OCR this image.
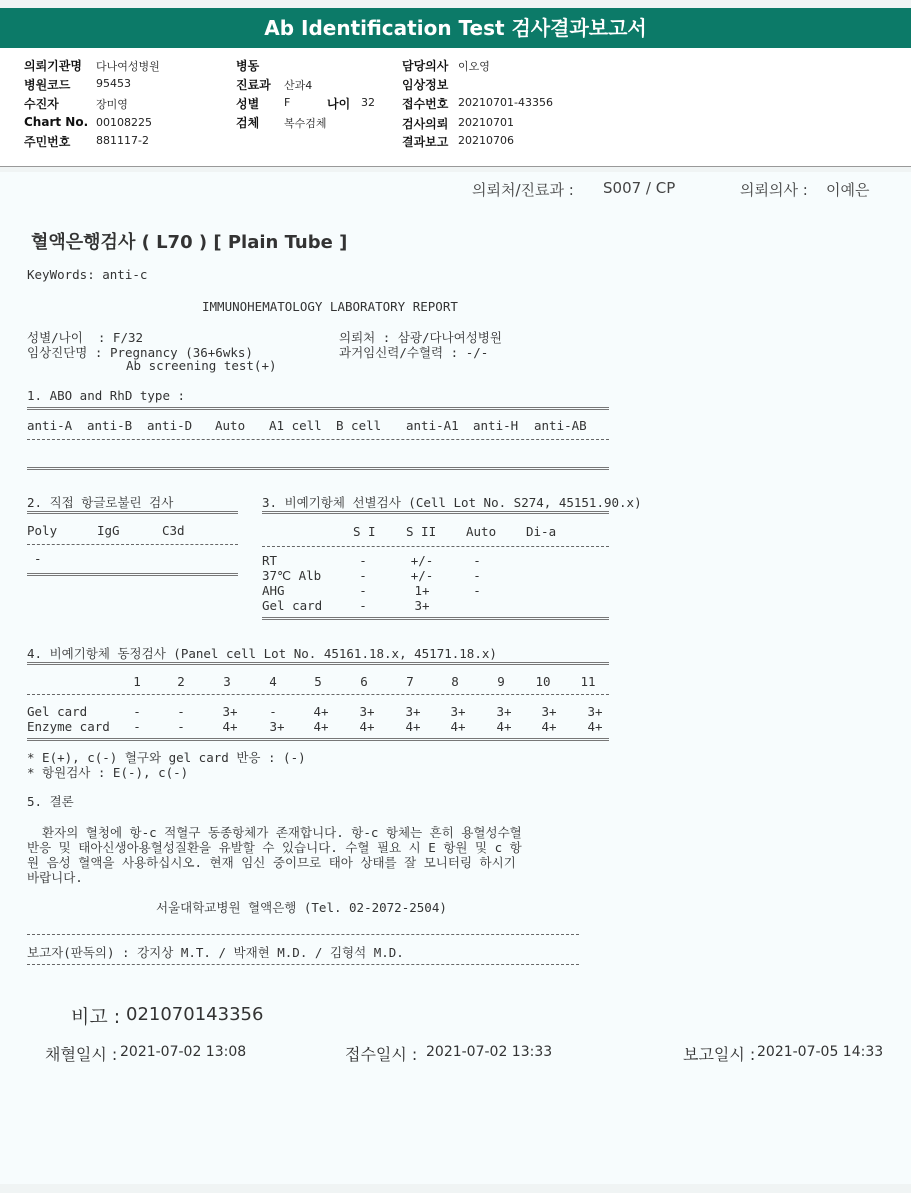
Ab Identification Test 검사결과보고서
의뢰기관명 다나여성병원
병원코드 95453
수진자	장미영
Chart No. 00108225
주민번호 881117-2
병동
진료과 산과4
성별 F	나이 32
검체 복수검체
담당의사 이오영
임상정보
접수번호 20210701-43356
검사의뢰 20210701
결과보고 20210706
의뢰처/진료과 : S007 / CP	의뢰의사 : 이예은
혈액은행검사 ( L70 ) [ Plain Tube ]
KeyWords: anti-c
IMMUNOHEMATOLOGY LABORATORY REPORT
성별/나이  : F/32
임상진단명 : Pregnancy (36+6wks)
Ab screening test(+)
의뢰처 : 삼광/다나여성병원
과거임신력/수혈력 : -/-
1. ABO and RhD type :
anti-A anti-B anti-D Auto A1 cell B cell anti-A1 anti-H anti-AB
2. 직접 항글로불린 검사
Poly	IgG	C3d
-
3. 비예기항체 선별검사 (Cell Lot No. S274, 45151.90.x)
S I S II Auto Di-a
RT	-	+/-	-
37℃ Alb	-	+/-	-
AHG	-	1+	-
Gel card	-	3+
4. 비예기항체 동정검사 (Panel cell Lot No. 45161.18.x, 45171.18.x)
1	2	3	4	5	6	7	8	9	10	11
Gel card	-	-	3+	-	4+	3+	3+	3+	3+	3+	3+
Enzyme card	-	-	4+	3+	4+	4+	4+	4+	4+	4+	4+
* E(+), c(-) 혈구와 gel card 반응 : (-)
* 항원검사 : E(-), c(-)
5. 결론
환자의 혈청에 항-c 적혈구 동종항체가 존재합니다. 항-c 항체는 흔히 용혈성수혈
반응 및 태아신생아용혈성질환을 유발할 수 있습니다. 수혈 필요 시 E 항원 및 c 항
원 음성 혈액을 사용하십시오. 현재 임신 중이므로 태아 상태를 잘 모니터링 하시기
바랍니다.
서울대학교병원 혈액은행 (Tel. 02-2072-2504)
보고자(판독의) : 강지상 M.T. / 박재현 M.D. / 김형석 M.D.
비고 : 021070143356
채혈일시 : 2021-07-02 13:08	접수일시 : 2021-07-02 13:33	보고일시 : 2021-07-05 14:33
